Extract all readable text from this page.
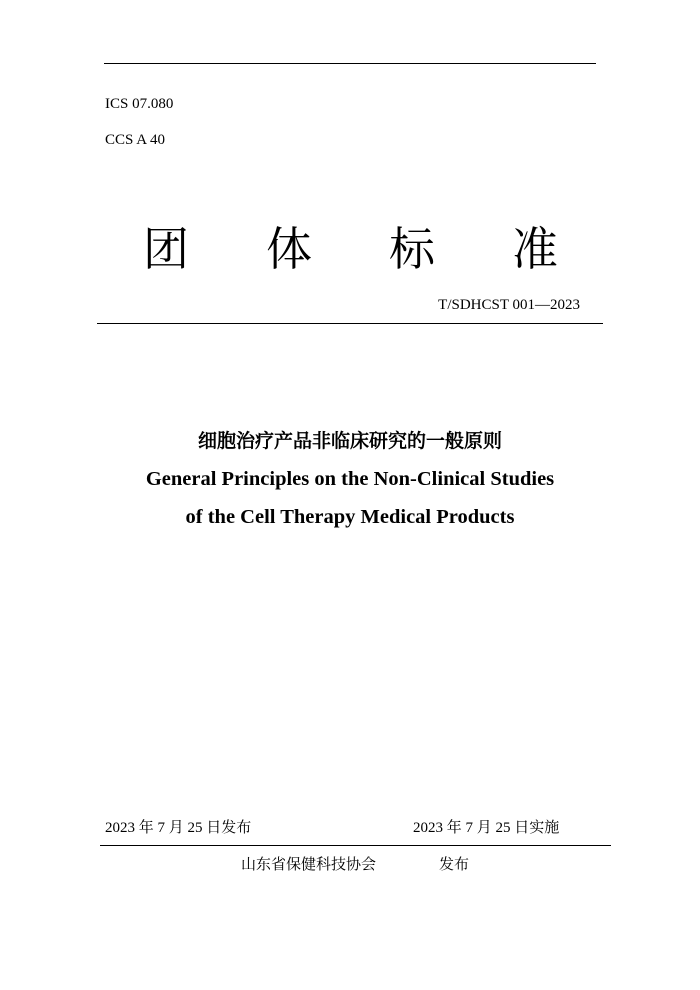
ICS 07.080
CCS A 40
团 体 标 准
T/SDHCST 001—2023
细胞治疗产品非临床研究的一般原则
General Principles on the Non-Clinical Studies
of the Cell Therapy Medical Products
2023 年 7 月 25 日发布	2023 年 7 月 25 日实施
山东省保健科技协会	发布
